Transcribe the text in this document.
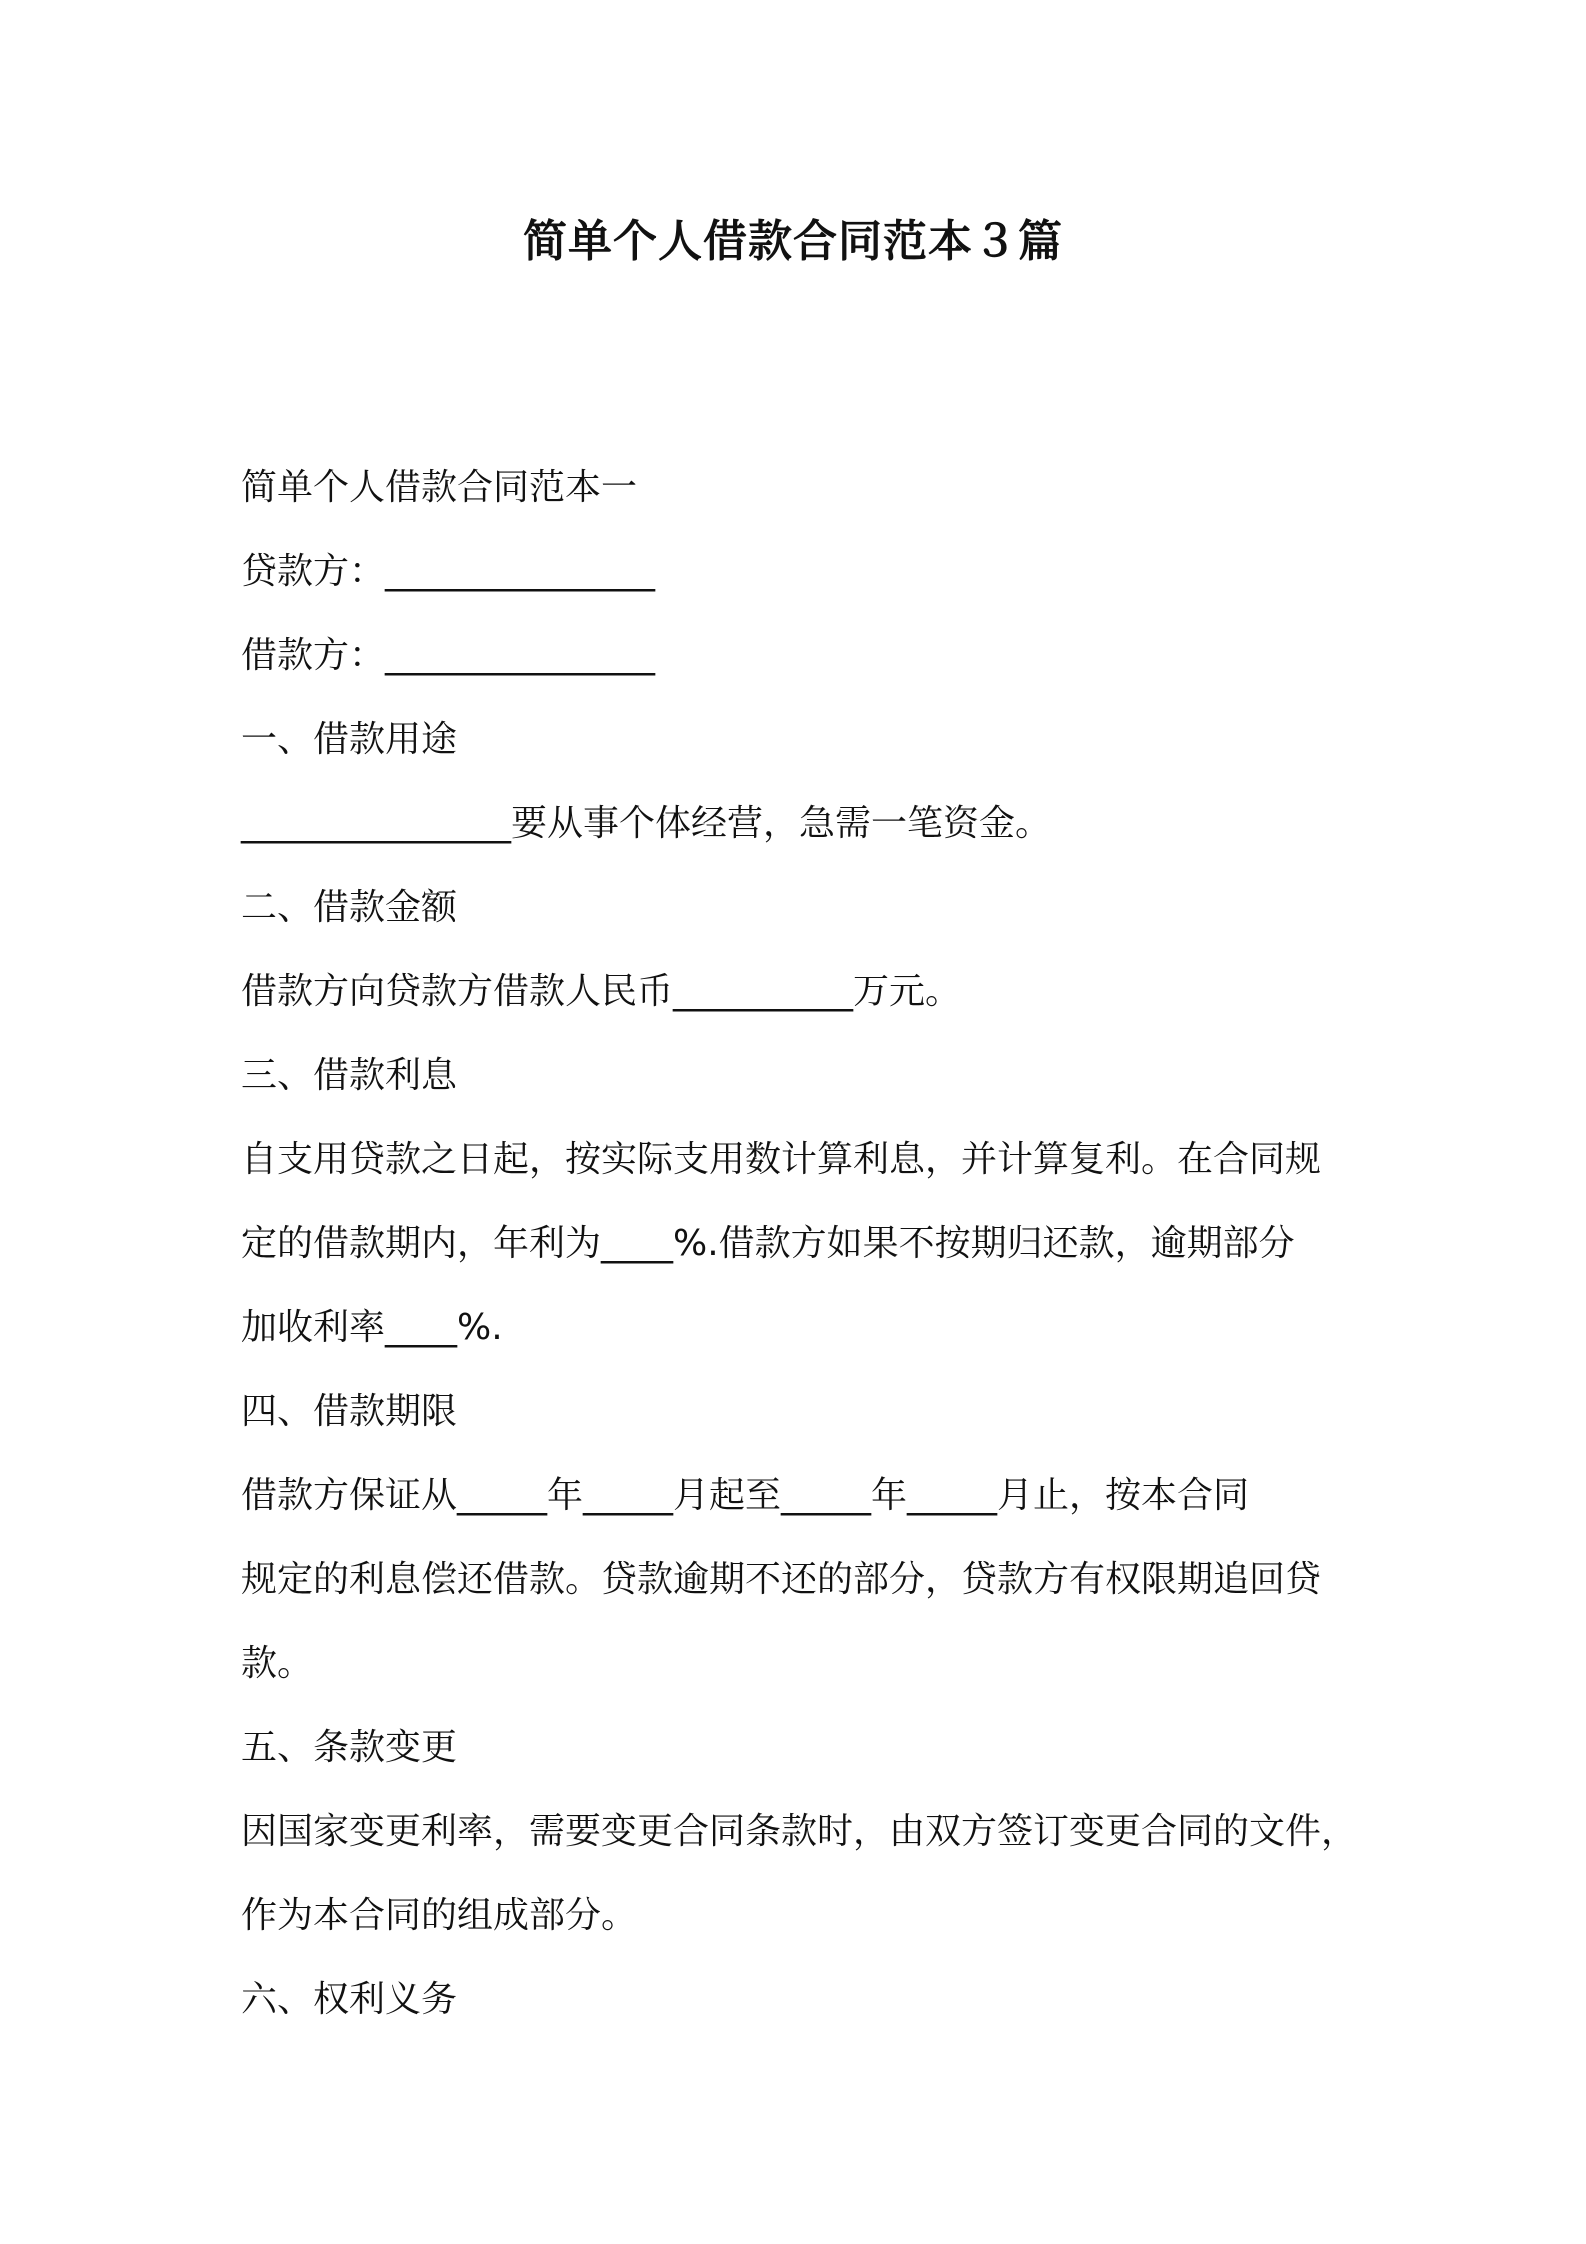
简单个人借款合同范本３篇
简单个人借款合同范本一
贷款方：_______________
借款方：_______________
一、借款用途
_______________要从事个体经营，急需一笔资金。
二、借款金额
借款方向贷款方借款人民币__________万元。
三、借款利息
自支用贷款之日起，按实际支用数计算利息，并计算复利。在合同规
定的借款期内，年利为____%.借款方如果不按期归还款，逾期部分
加收利率____%.
四、借款期限
借款方保证从_____年_____月起至_____年_____月止，按本合同
规定的利息偿还借款。贷款逾期不还的部分，贷款方有权限期追回贷
款。
五、条款变更
因国家变更利率，需要变更合同条款时，由双方签订变更合同的文件，
作为本合同的组成部分。
六、权利义务
